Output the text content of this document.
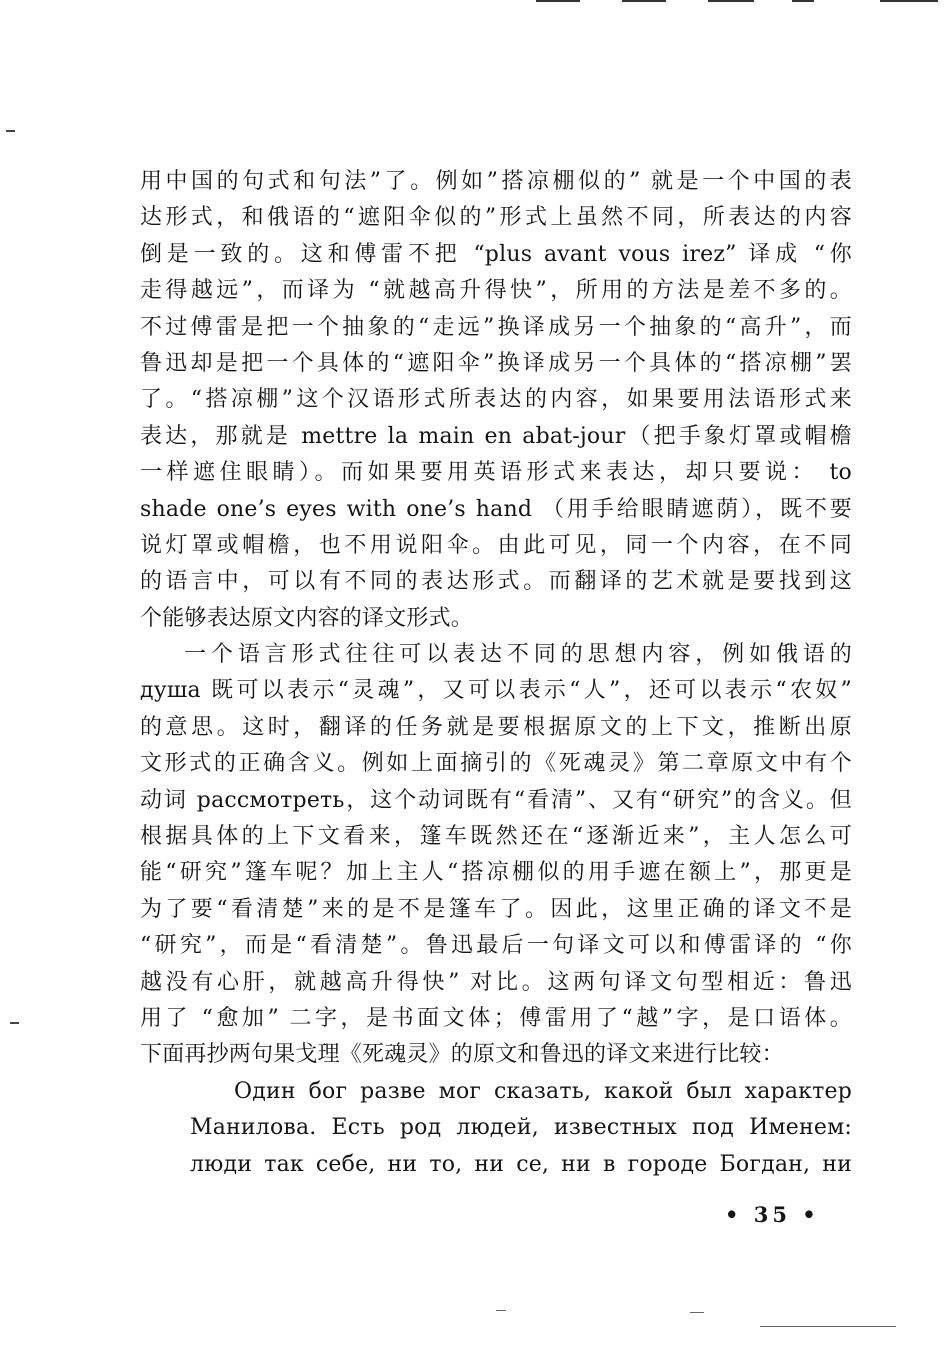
用中国的句式和句法”了。例如”搭凉棚似的” 就是一个中国的表
达形式，和俄语的“遮阳伞似的”形式上虽然不同，所表达的内容
倒是一致的。这和傅雷不把 “plus avant vous irez” 译成 “你
走得越远”，而译为 “就越高升得快”，所用的方法是差不多的。
不过傅雷是把一个抽象的“走远”换译成另一个抽象的“高升”，而
鲁迅却是把一个具体的“遮阳伞”换译成另一个具体的“搭凉棚”罢
了。“搭凉棚”这个汉语形式所表达的内容，如果要用法语形式来
表达，那就是 mettre la main en abat-jour（把手象灯罩或帽檐
一样遮住眼睛）。而如果要用英语形式来表达，却只要说： to
shade one’s eyes with one’s hand （用手给眼睛遮荫），既不要
说灯罩或帽檐，也不用说阳伞。由此可见，同一个内容，在不同
的语言中，可以有不同的表达形式。而翻译的艺术就是要找到这
个能够表达原文内容的译文形式。

一个语言形式往往可以表达不同的思想内容，例如俄语的
душа 既可以表示“灵魂”，又可以表示“人”，还可以表示“农奴”
的意思。这时，翻译的任务就是要根据原文的上下文，推断出原
文形式的正确含义。例如上面摘引的《死魂灵》第二章原文中有个
动词 рассмотреть，这个动词既有“看清”、又有“研究”的含义。但
根据具体的上下文看来，篷车既然还在“逐渐近来”，主人怎么可
能“研究”篷车呢？加上主人“搭凉棚似的用手遮在额上”，那更是
为了要“看清楚”来的是不是篷车了。因此，这里正确的译文不是
“研究”，而是“看清楚”。鲁迅最后一句译文可以和傅雷译的 “你
越没有心肝，就越高升得快” 对比。这两句译文句型相近：鲁迅
用了 “愈加” 二字，是书面文体；傅雷用了“越”字，是口语体。
下面再抄两句果戈理《死魂灵》的原文和鲁迅的译文来进行比较：

Один бог разве мог сказать, какой был характер
Манилова. Есть род людей, известных под Именем:
люди так себе, ни то, ни се, ни в городе Богдан, ни

• 35 •
